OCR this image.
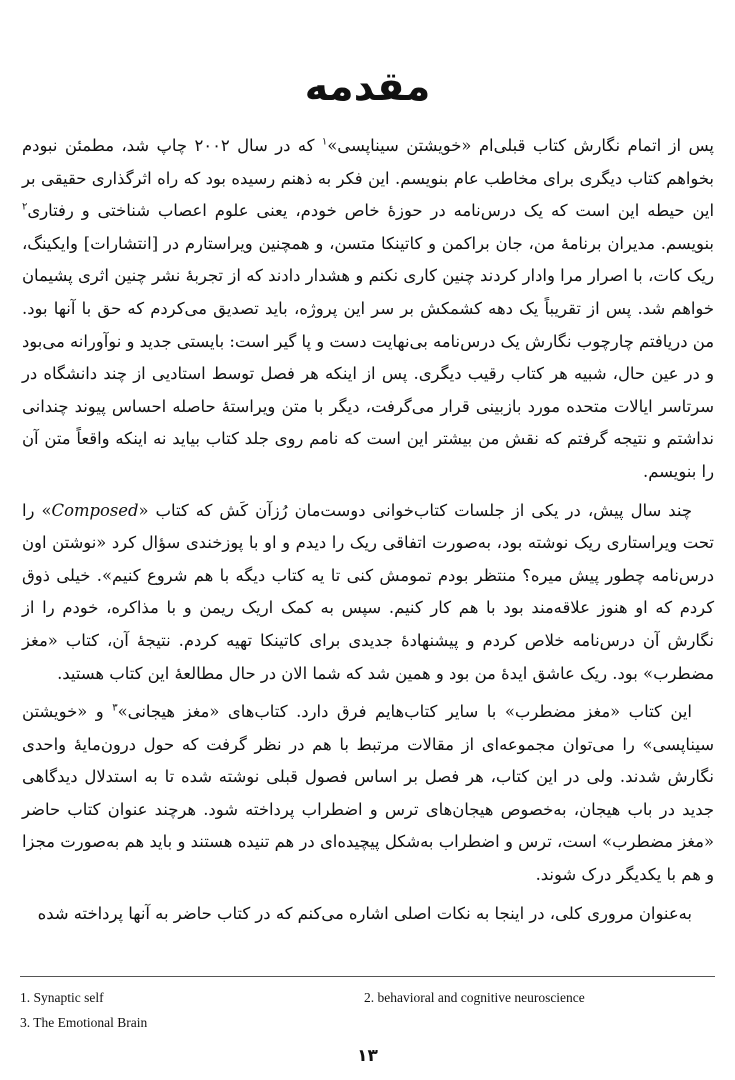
مقدمه

پس از اتمام نگارش کتاب قبلی‌ام «خویشتن سیناپسی»$^۱$ که در سال ۲۰۰۲ چاپ شد، مطمئن نبودم بخواهم کتاب دیگری برای مخاطب عام بنویسم. این فکر به ذهنم رسیده بود که راه اثرگذاری حقیقی بر این حیطه این است که یک درس‌نامه در حوزهٔ خاص خودم، یعنی علوم اعصاب شناختی و رفتاری$^۲$ بنویسم. مدیران برنامهٔ من، جان براکمن و کاتینکا متسن، و همچنین ویراستارم در [انتشارات] وایکینگ، ریک کات، با اصرار مرا وادار کردند چنین کاری نکنم و هشدار دادند که از تجربهٔ نشر چنین اثری پشیمان خواهم شد. پس از تقریباً یک دهه کشمکش بر سر این پروژه، باید تصدیق می‌کردم که حق با آنها بود. من دریافتم چارچوب نگارش یک درس‌نامه بی‌نهایت دست و پا گیر است: بایستی جدید و نوآورانه می‌بود و در عین حال، شبیه هر کتاب رقیب دیگری. پس از اینکه هر فصل توسط استادیی از چند دانشگاه در سرتاسر ایالات متحده مورد بازبینی قرار می‌گرفت، دیگر با متن ویراستهٔ حاصله احساس پیوند چندانی نداشتم و نتیجه گرفتم که نقش من بیشتر این است که نامم روی جلد کتاب بیاید نه اینکه واقعاً متن آن را بنویسم.

چند سال پیش، در یکی از جلسات کتاب‌خوانی دوست‌مان رُزآن کَش که کتاب «Composed» را تحت ویراستاری ریک نوشته بود، به‌صورت اتفاقی ریک را دیدم و او با پوزخندی سؤال کرد «نوشتن اون درس‌نامه چطور پیش میره؟ منتظر بودم تمومش کنی تا یه کتاب دیگه با هم شروع کنیم». خیلی ذوق کردم که او هنوز علاقه‌مند بود با هم کار کنیم. سپس به کمک اریک ریمن و با مذاکره، خودم را از نگارش آن درس‌نامه خلاص کردم و پیشنهادهٔ جدیدی برای کاتینکا تهیه کردم. نتیجهٔ آن، کتاب «مغز مضطرب» بود. ریک عاشق ایدهٔ من بود و همین شد که شما الان در حال مطالعهٔ این کتاب هستید.

این کتاب «مغز مضطرب» با سایر کتاب‌هایم فرق دارد. کتاب‌های «مغز هیجانی»$^۳$ و «خویشتن سیناپسی» را می‌توان مجموعه‌ای از مقالات مرتبط با هم در نظر گرفت که حول درون‌مایهٔ واحدی نگارش شدند. ولی در این کتاب، هر فصل بر اساس فصول قبلی نوشته شده تا به استدلال دیدگاهی جدید در باب هیجان، به‌خصوص هیجان‌های ترس و اضطراب پرداخته شود. هرچند عنوان کتاب حاضر «مغز مضطرب» است، ترس و اضطراب به‌شکل پیچیده‌ای در هم تنیده هستند و باید هم به‌صورت مجزا و هم با یکدیگر درک شوند.

به‌عنوان مروری کلی، در اینجا به نکات اصلی اشاره می‌کنم که در کتاب حاضر به آنها پرداخته شده

1. Synaptic self	2. behavioral and cognitive neuroscience
3. The Emotional Brain
۱۳
